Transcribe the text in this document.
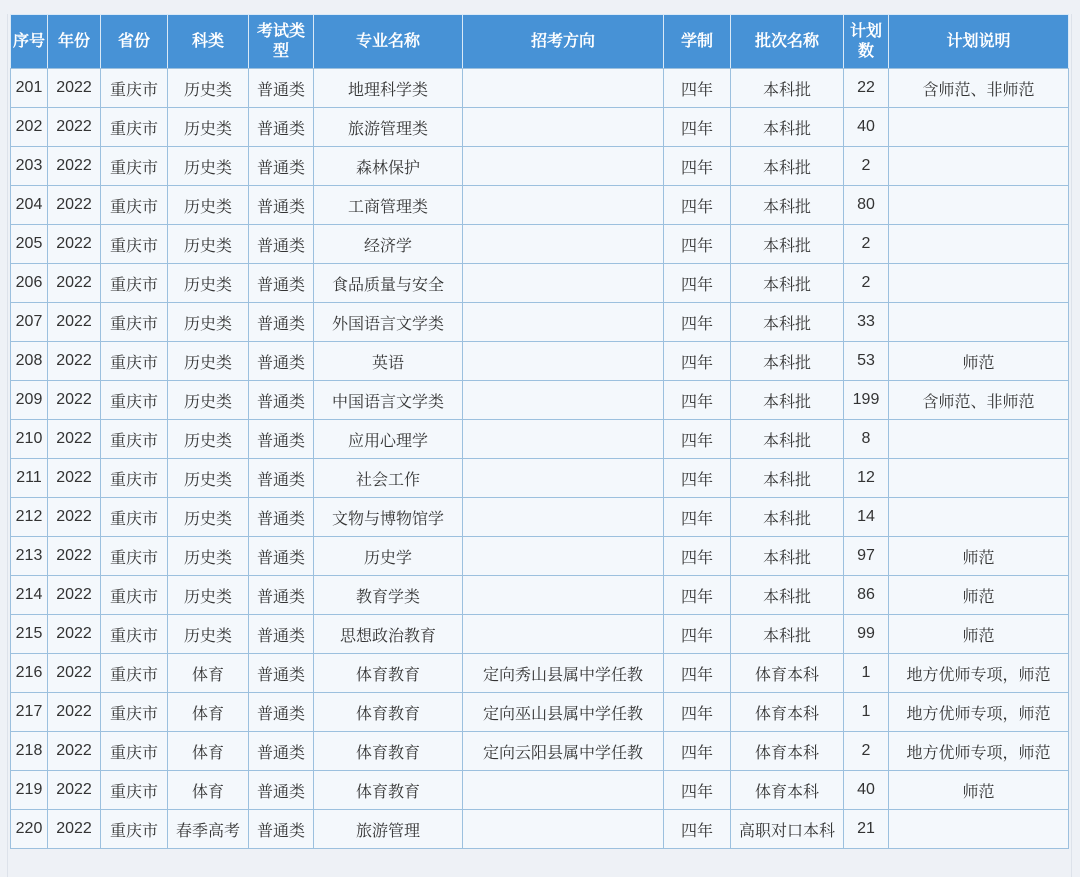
序号	年份	省份	科类	考试类型	专业名称	招考方向	学制	批次名称	计划数	计划说明
201	2022	重庆市	历史类	普通类	地理科学类		四年	本科批	22	含师范、非师范
202	2022	重庆市	历史类	普通类	旅游管理类		四年	本科批	40	
203	2022	重庆市	历史类	普通类	森林保护		四年	本科批	2	
204	2022	重庆市	历史类	普通类	工商管理类		四年	本科批	80	
205	2022	重庆市	历史类	普通类	经济学		四年	本科批	2	
206	2022	重庆市	历史类	普通类	食品质量与安全		四年	本科批	2	
207	2022	重庆市	历史类	普通类	外国语言文学类		四年	本科批	33	
208	2022	重庆市	历史类	普通类	英语		四年	本科批	53	师范
209	2022	重庆市	历史类	普通类	中国语言文学类		四年	本科批	199	含师范、非师范
210	2022	重庆市	历史类	普通类	应用心理学		四年	本科批	8	
211	2022	重庆市	历史类	普通类	社会工作		四年	本科批	12	
212	2022	重庆市	历史类	普通类	文物与博物馆学		四年	本科批	14	
213	2022	重庆市	历史类	普通类	历史学		四年	本科批	97	师范
214	2022	重庆市	历史类	普通类	教育学类		四年	本科批	86	师范
215	2022	重庆市	历史类	普通类	思想政治教育		四年	本科批	99	师范
216	2022	重庆市	体育	普通类	体育教育	定向秀山县属中学任教	四年	体育本科	1	地方优师专项，师范
217	2022	重庆市	体育	普通类	体育教育	定向巫山县属中学任教	四年	体育本科	1	地方优师专项，师范
218	2022	重庆市	体育	普通类	体育教育	定向云阳县属中学任教	四年	体育本科	2	地方优师专项，师范
219	2022	重庆市	体育	普通类	体育教育		四年	体育本科	40	师范
220	2022	重庆市	春季高考	普通类	旅游管理		四年	高职对口本科	21	
